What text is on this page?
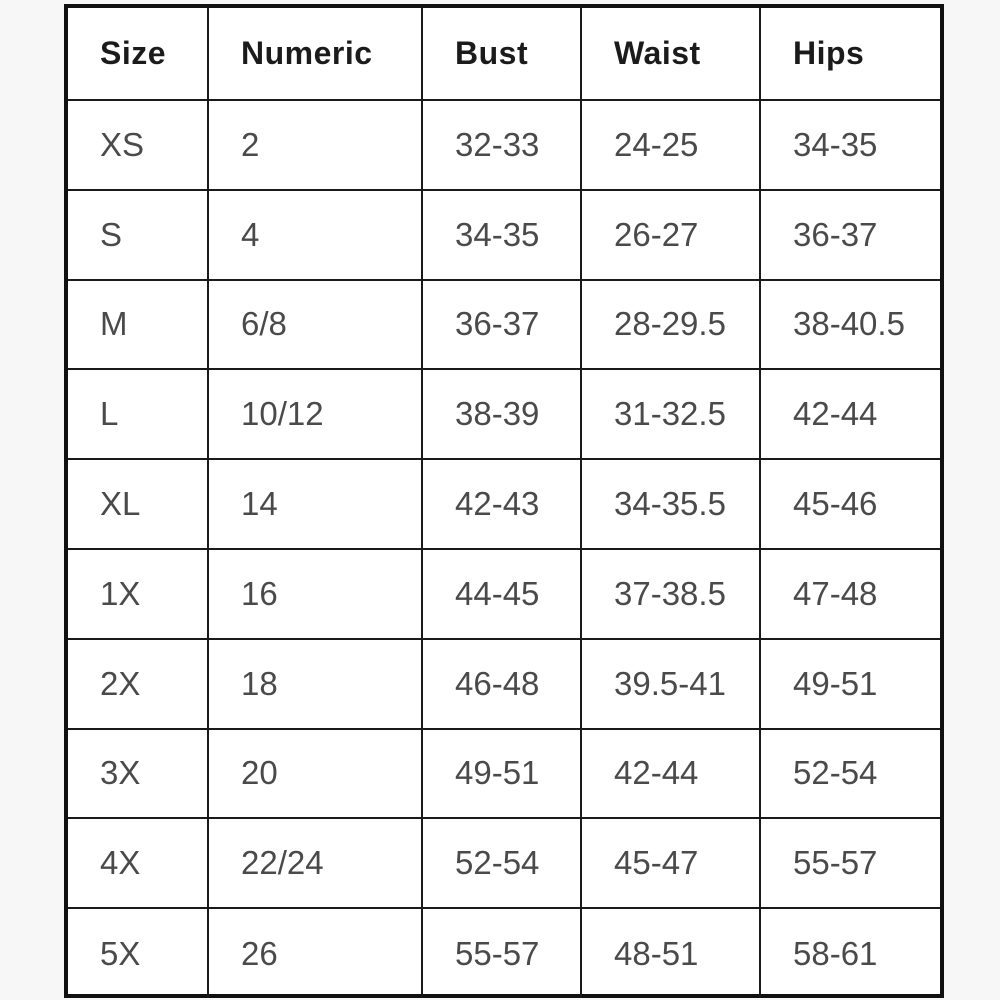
Size	Numeric	Bust	Waist	Hips
XS	2	32-33	24-25	34-35
S	4	34-35	26-27	36-37
M	6/8	36-37	28-29.5	38-40.5
L	10/12	38-39	31-32.5	42-44
XL	14	42-43	34-35.5	45-46
1X	16	44-45	37-38.5	47-48
2X	18	46-48	39.5-41	49-51
3X	20	49-51	42-44	52-54
4X	22/24	52-54	45-47	55-57
5X	26	55-57	48-51	58-61
